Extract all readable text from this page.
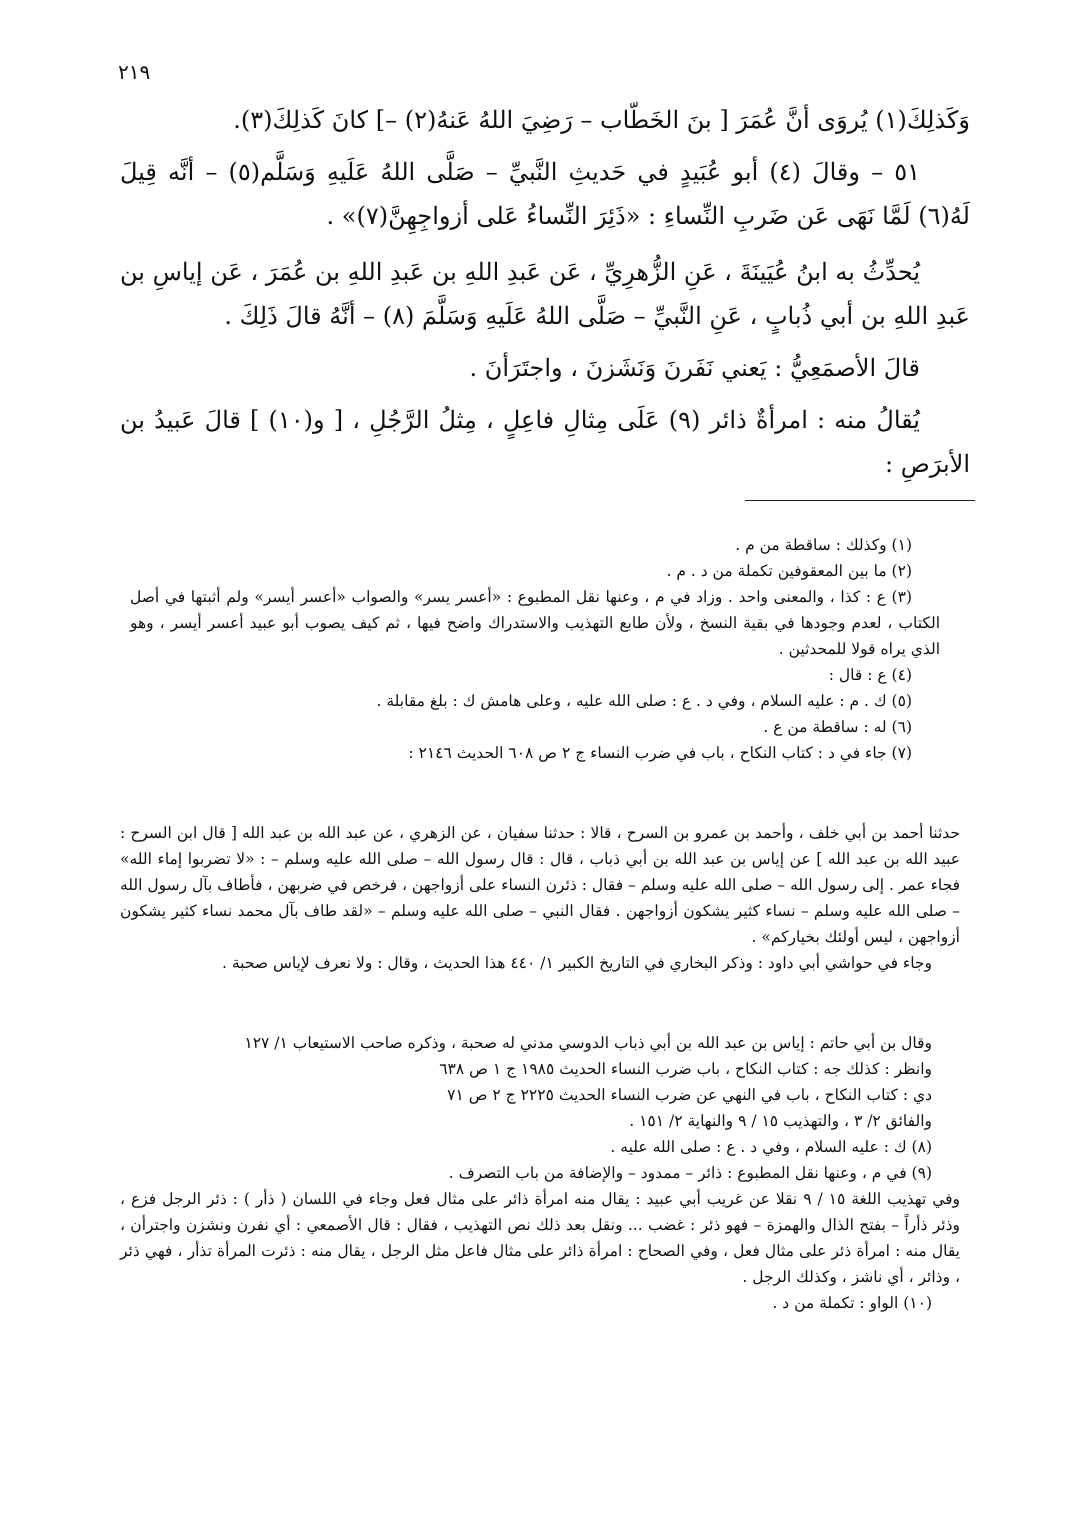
٢١٩

وَكَذلِكَ(١) يُروَى أنَّ عُمَرَ [ بنَ الخَطّاب – رَضِيَ اللهُ عَنهُ(٢) –] كانَ كَذلِكَ(٣).

٥١ – وقالَ (٤) أبو عُبَيدٍ في حَديثِ النَّبيِّ – صَلَّى اللهُ عَلَيهِ وَسَلَّم(٥) – أنَّه قِيلَ لَهُ(٦) لَمَّا نَهَى عَن ضَربِ النِّساءِ : «ذَئِرَ النِّساءُ عَلى أزواجِهِنَّ(٧)» .

يُحدِّثُ به ابنُ عُيَينَةَ ، عَنِ الزُّهرِيِّ ، عَن عَبدِ اللهِ بن عَبدِ اللهِ بن عُمَرَ ، عَن إياسِ بن عَبدِ اللهِ بن أبي ذُبابٍ ، عَنِ النَّبيِّ – صَلَّى اللهُ عَلَيهِ وَسَلَّمَ (٨) – أنَّهُ قالَ ذَلِكَ .

قالَ الأصمَعِيُّ : يَعني نَفَرنَ وَنَشَزنَ ، واجتَرَأنَ .

يُقالُ منه : امرأةٌ ذائر (٩) عَلَى مِثالِ فاعِلٍ ، مِثلُ الرَّجُلِ ، [ و(١٠) ] قالَ عَبيدُ بن الأبرَصِ :

(١) وكذلك : ساقطة من م .

(٢) ما بين المعقوفين تكملة من د . م .

(٣) ع : كذا ، والمعنى واحد . وزاد في م ، وعنها نقل المطبوع : «أعسر يسر» والصواب «أعسر أيسر» ولم أثبتها في أصل الكتاب ، لعدم وجودها في بقية النسخ ، ولأن طابع التهذيب والاستدراك واضح فيها ، ثم كيف يصوب أبو عبيد أعسر أيسر ، وهو الذي يراه قولا للمحدثين .

(٤) ع : قال :

(٥) ك . م : عليه السلام ، وفي د . ع : صلى الله عليه ، وعلى هامش ك : بلغ مقابلة .

(٦) له : ساقطة من ع .

(٧) جاء في د : كتاب النكاح ، باب في ضرب النساء ج ٢ ص ٦٠٨ الحديث ٢١٤٦ :

حدثنا أحمد بن أبي خلف ، وأحمد بن عمرو بن السرح ، قالا : حدثنا سفيان ، عن الزهري ، عن عبد الله بن عبد الله [ قال ابن السرح : عبيد الله بن عبد الله ] عن إياس بن عبد الله بن أبي ذباب ، قال : قال رسول الله – صلى الله عليه وسلم – : «لا تضربوا إماء الله» فجاء عمر . إلى رسول الله – صلى الله عليه وسلم – فقال : ذئرن النساء على أزواجهن ، فرخص في ضربهن ، فأطاف بآل رسول الله – صلى الله عليه وسلم – نساء كثير يشكون أزواجهن . فقال النبي – صلى الله عليه وسلم – «لقد طاف بآل محمد نساء كثير يشكون أزواجهن ، ليس أولئك بخياركم» .

وجاء في حواشي أبي داود : وذكر البخاري في التاريخ الكبير ١/ ٤٤٠ هذا الحديث ، وقال : ولا نعرف لإياس صحبة .

وقال بن أبي حاتم : إياس بن عبد الله بن أبي ذباب الدوسي مدني له صحبة ، وذكره صاحب الاستيعاب ١/ ١٢٧

وانظر : كذلك جه : كتاب النكاح ، باب ضرب النساء الحديث ١٩٨٥ ج ١ ص ٦٣٨

دي : كتاب النكاح ، باب في النهي عن ضرب النساء الحديث ٢٢٢٥ ج ٢ ص ٧١

والفائق ٢/ ٣ ، والتهذيب ١٥ / ٩ والنهاية ٢/ ١٥١ .

(٨) ك : عليه السلام ، وفي د . ع : صلى الله عليه .

(٩) في م ، وعنها نقل المطبوع : ذائر – ممدود – والإضافة من باب التصرف .

وفي تهذيب اللغة ١٥ / ٩ نقلا عن غريب أبي عبيد : يقال منه امرأة ذائر على مثال فعل وجاء في اللسان ( ذأر ) : ذئر الرجل فزع ، وذئر ذأراً – بفتح الذال والهمزة – فهو ذئر : غضب ... ونقل بعد ذلك نص التهذيب ، فقال : قال الأصمعي : أي نفرن ونشزن واجترأن ، يقال منه : امرأة ذئر على مثال فعل ، وفي الصحاح : امرأة ذائر على مثال فاعل مثل الرجل ، يقال منه : ذئرت المرأة تذأر ، فهي ذئر ، وذائر ، أي ناشز ، وكذلك الرجل .

(١٠) الواو : تكملة من د .
